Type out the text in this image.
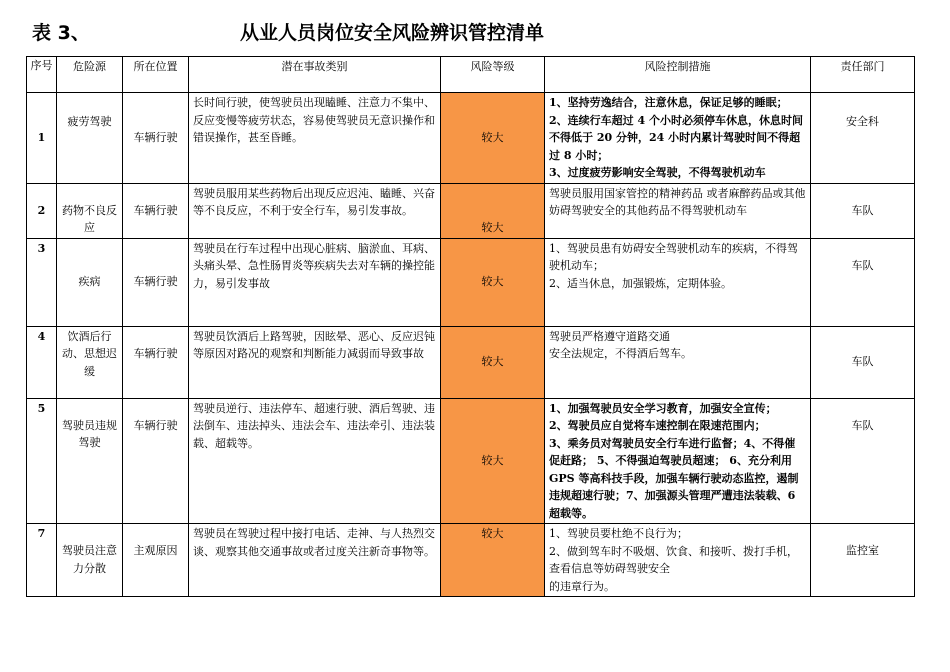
表 3、	从业人员岗位安全风险辨识管控清单
序号	危险源	所在位置	潜在事故类别	风险等级	风险控制措施	责任部门
1	疲劳驾驶	车辆行驶	长时间行驶，使驾驶员出现瞌睡、注意力不集中、反应变慢等疲劳状态，容易使驾驶员无意识操作和错误操作，甚至昏睡。	较大	1、坚持劳逸结合，注意休息，保证足够的睡眠；
2、连续行车超过 4 个小时必须停车休息，休息时间不得低于 20 分钟，24 小时内累计驾驶时间不得超过 8 小时；
3、过度疲劳影响安全驾驶，不得驾驶机动车	安全科
2	药物不良反应	车辆行驶	驾驶员服用某些药物后出现反应迟沌、瞌睡、兴奋等不良反应，不利于安全行车，易引发事故。	较大	驾驶员服用国家管控的精神药品 或者麻醉药品或其他妨碍驾驶安全的其他药品不得驾驶机动车	车队
3	疾病	车辆行驶	驾驶员在行车过程中出现心脏病、脑淤血、耳病、头痛头晕、急性肠胃炎等疾病失去对车辆的操控能力，易引发事故	较大	1、驾驶员患有妨碍安全驾驶机动车的疾病，不得驾驶机动车；
2、适当休息，加强锻炼，定期体验。	车队
4	饮酒后行动、思想迟缓	车辆行驶	驾驶员饮酒后上路驾驶，因眩晕、恶心、反应迟钝等原因对路况的观察和判断能力减弱而导致事故	较大	驾驶员严格遵守道路交通
安全法规定，不得酒后驾车。	车队
5	驾驶员违规驾驶	车辆行驶	驾驶员逆行、违法停车、超速行驶、酒后驾驶、违法倒车、违法掉头、违法会车、违法牵引、违法装载、超载等。	较大	1、加强驾驶员安全学习教育，加强安全宣传；
2、驾驶员应自觉将车速控制在限速范围内；
3、乘务员对驾驶员安全行车进行监督；4、不得催促赶路； 5、不得强迫驾驶员超速； 6、充分利用 GPS 等高科技手段，加强车辆行驶动态监控，遏制违规超速行驶；7、加强源头管理严遭违法装载、6 超载等。	车队
7	驾驶员注意力分散	主观原因	驾驶员在驾驶过程中接打电话、走神、与人热烈交谈、观察其他交通事故或者过度关注新奇事物等。	较大	1、驾驶员要杜绝不良行为；
2、做到驾车时不吸烟、饮食、和接听、拨打手机，查看信息等妨碍驾驶安全
的违章行为。	监控室
